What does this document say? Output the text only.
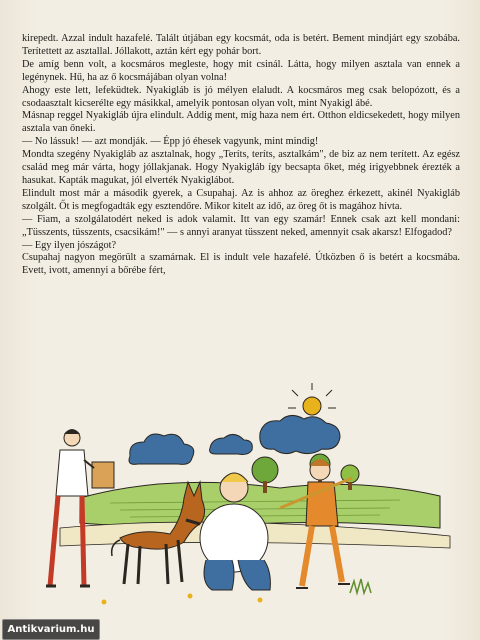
kirepedt. Azzal indult hazafelé. Talált útjában egy kocsmát, oda is betért. Bement mindjárt egy szobába. Terítettett az asztallal. Jóllakott, aztán kért egy pohár bort.

De amíg benn volt, a kocsmáros megleste, hogy mit csinál. Látta, hogy milyen asztala van ennek a legénynek. Hű, ha az ő kocsmájában olyan volna!

Ahogy este lett, lefeküdtek. Nyakigláb is jó mélyen elaludt. A kocsmáros meg csak belopózott, és a csodaasztalt kicserélte egy másikkal, amelyik pontosan olyan volt, mint Nyakigl ábé.

Másnap reggel Nyakigláb újra elindult. Addig ment, míg haza nem ért. Otthon eldicsekedett, hogy milyen asztala van őneki.

— No lássuk! — azt mondják. — Épp jó éhesek vagyunk, mint mindig!

Mondta szegény Nyakigláb az asztalnak, hogy „Teríts, teríts, asztalkám", de biz az nem terített. Az egész család meg már várta, hogy jóllakjanak. Hogy Nyakigláb így becsapta őket, még irigyebbnek érezték a hasukat. Kapták magukat, jól elverték Nyakiglábot.

Elindult most már a második gyerek, a Csupahaj. Az is ahhoz az öreghez érkezett, akinél Nyakigláb szolgált. Őt is megfogadták egy esztendőre. Mikor kitelt az idő, az öreg őt is magához hívta.

— Fiam, a szolgálatodért neked is adok valamit. Itt van egy szamár! Ennek csak azt kell mondani: „Tüsszents, tüsszents, csacsikám!" — s annyi aranyat tüsszent neked, amennyit csak akarsz! Elfogadod?

— Egy ilyen jószágot?

Csupahaj nagyon megörült a szamárnak. El is indult vele hazafelé. Útközben ő is betért a kocsmába. Evett, ivott, amennyi a bőrébe fért,

Antikvarium.hu
